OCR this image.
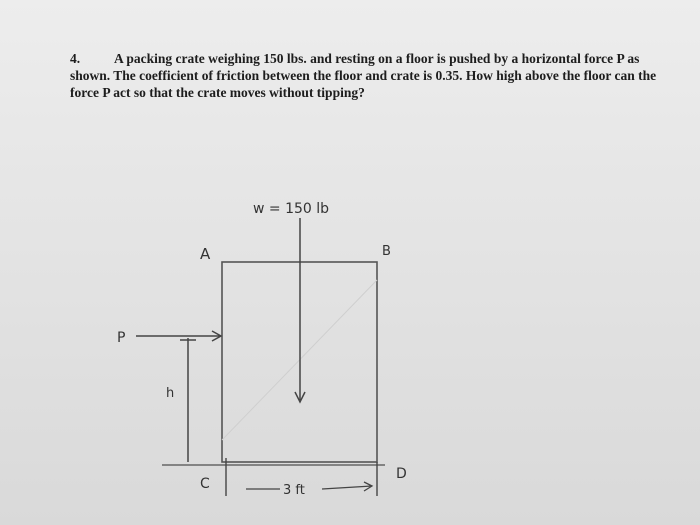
4.	A packing crate weighing 150 lbs. and resting on a floor is pushed by a horizontal force P as shown. The coefficient of friction between the floor and crate is 0.35. How high above the floor can the force P act so that the crate moves without tipping?
w = 150 lb
A	B
C
D
P
h
3 ft
